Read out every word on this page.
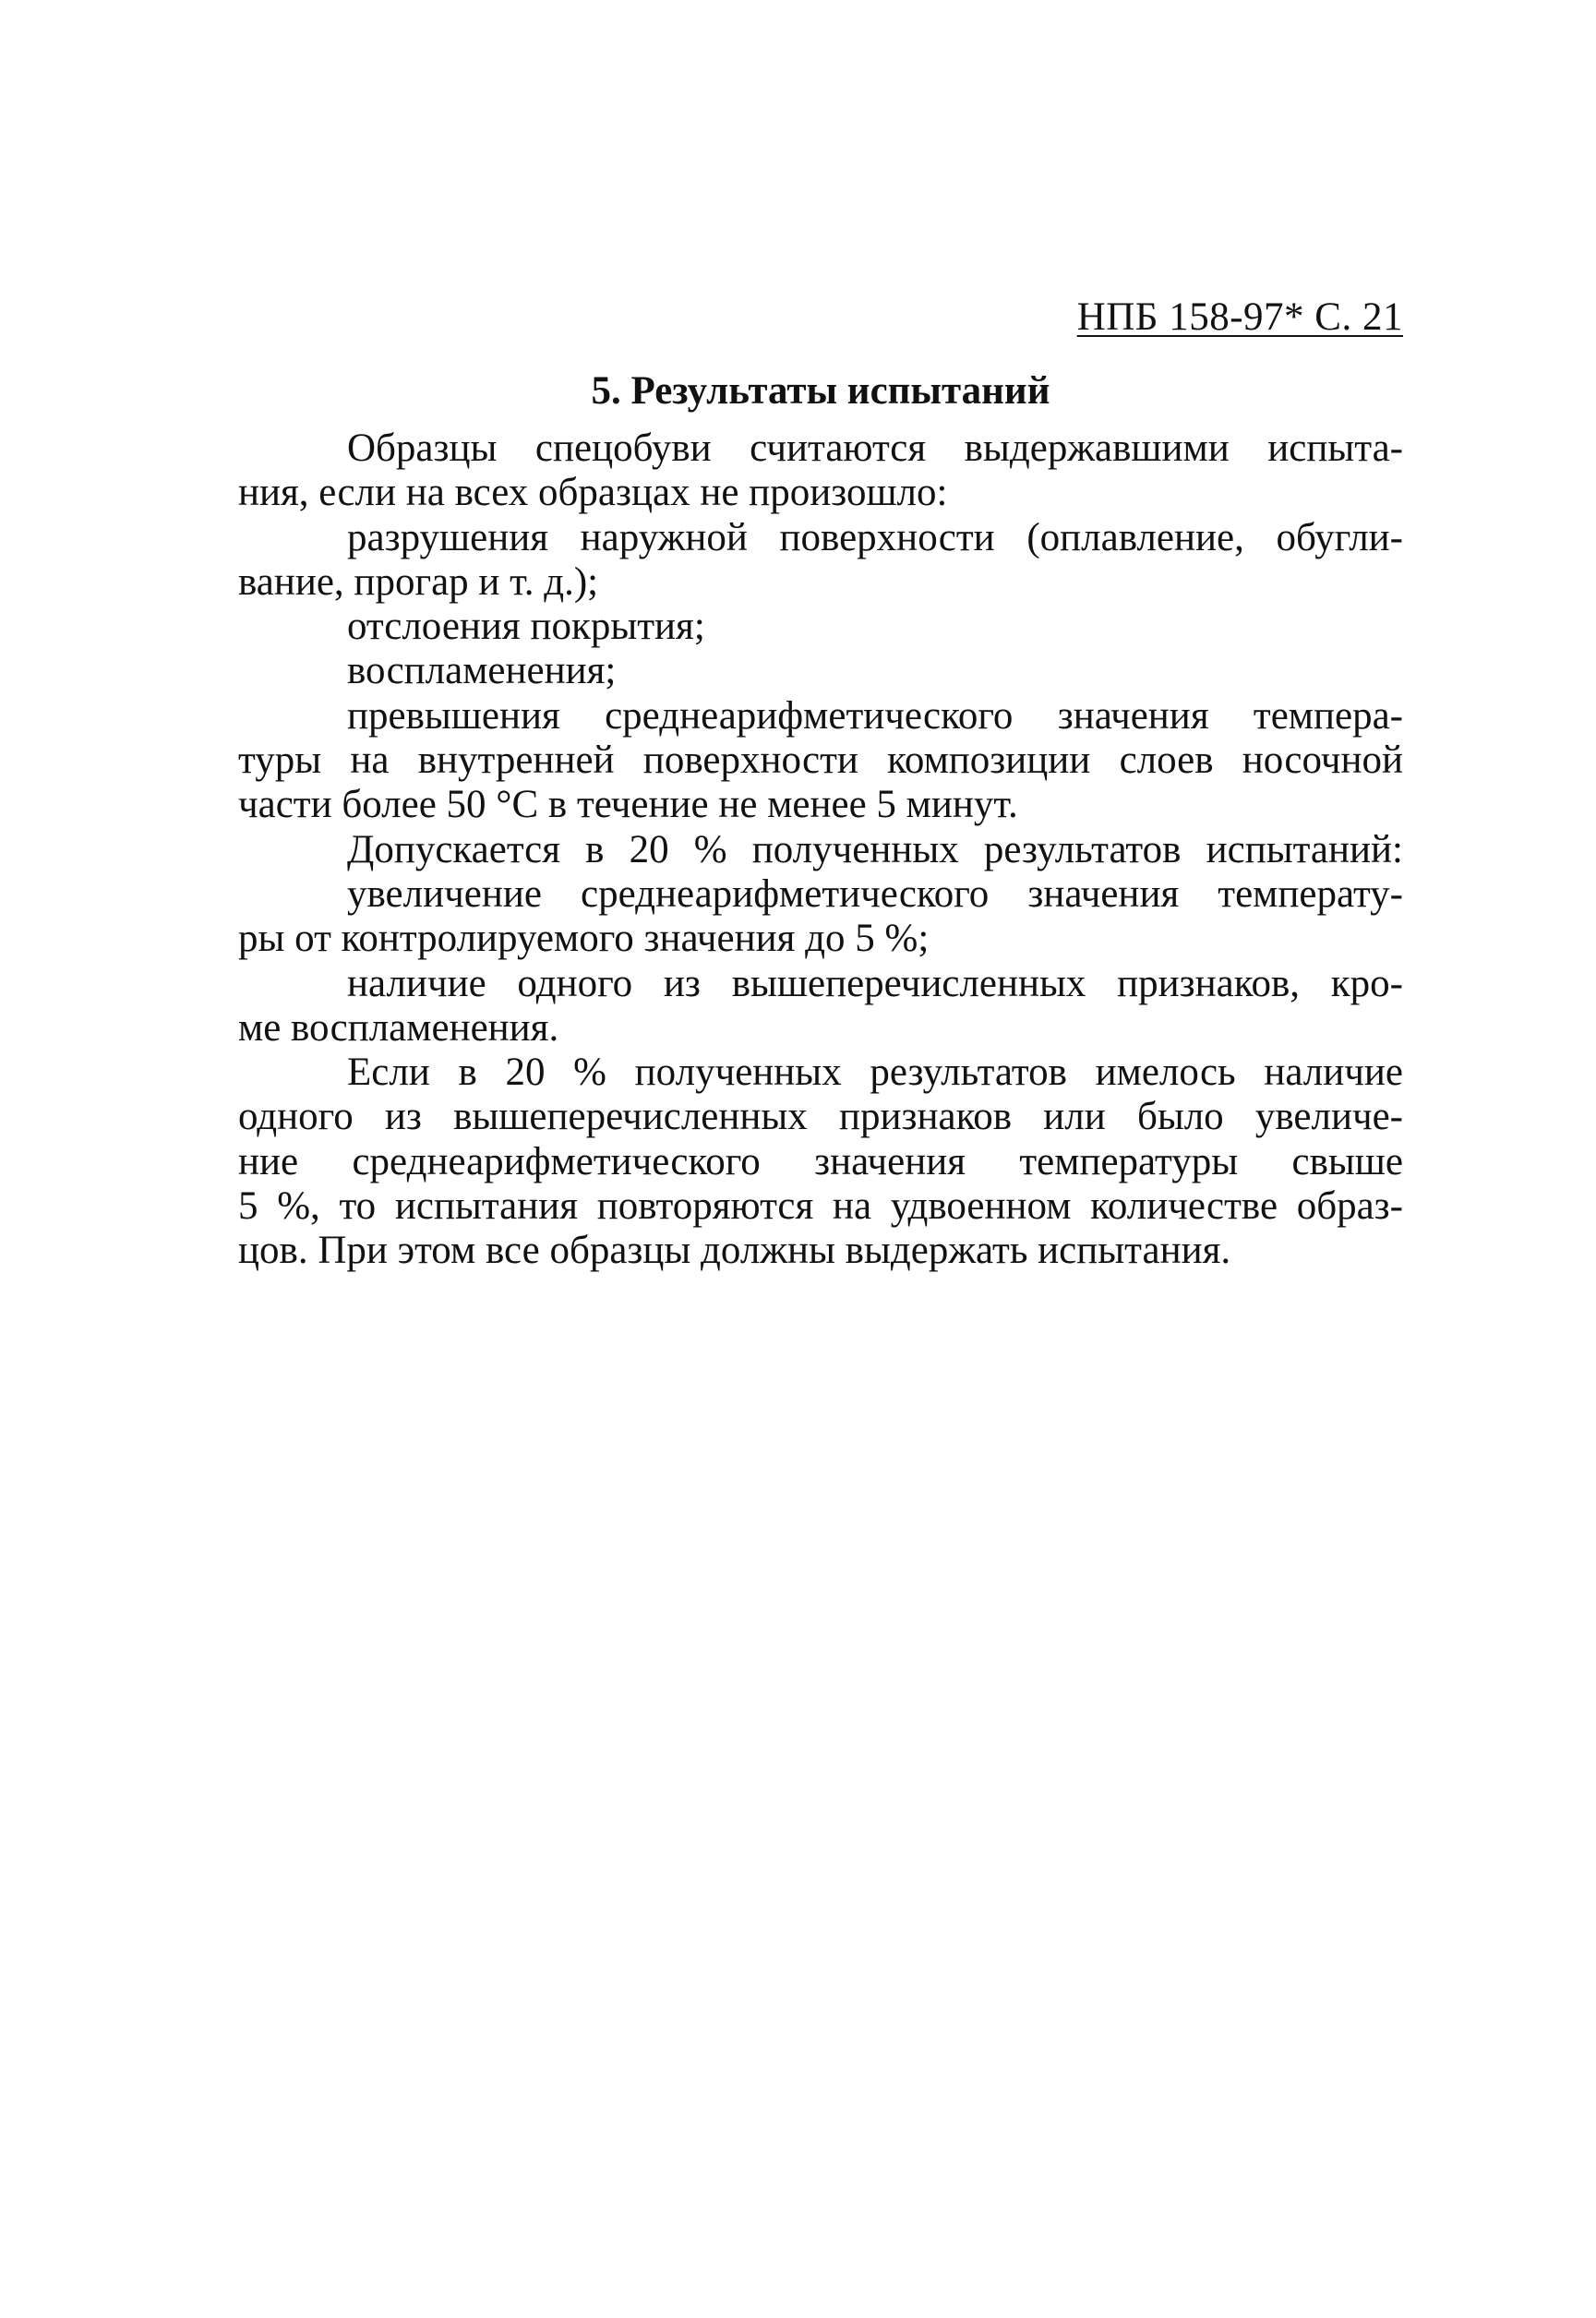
НПБ 158-97* С. 21
5. Результаты испытаний
Образцы спецобуви считаются выдержавшими испыта-
ния, если на всех образцах не произошло:
разрушения наружной поверхности (оплавление, обугли-
вание, прогар и т. д.);
отслоения покрытия;
воспламенения;
превышения среднеарифметического значения темпера-
туры на внутренней поверхности композиции слоев носочной
части более 50 °С в течение не менее 5 минут.
Допускается в 20 % полученных результатов испытаний:
увеличение среднеарифметического значения температу-
ры от контролируемого значения до 5 %;
наличие одного из вышеперечисленных признаков, кро-
ме воспламенения.
Если в 20 % полученных результатов имелось наличие
одного из вышеперечисленных признаков или было увеличе-
ние среднеарифметического значения температуры свыше
5 %, то испытания повторяются на удвоенном количестве образ-
цов. При этом все образцы должны выдержать испытания.
